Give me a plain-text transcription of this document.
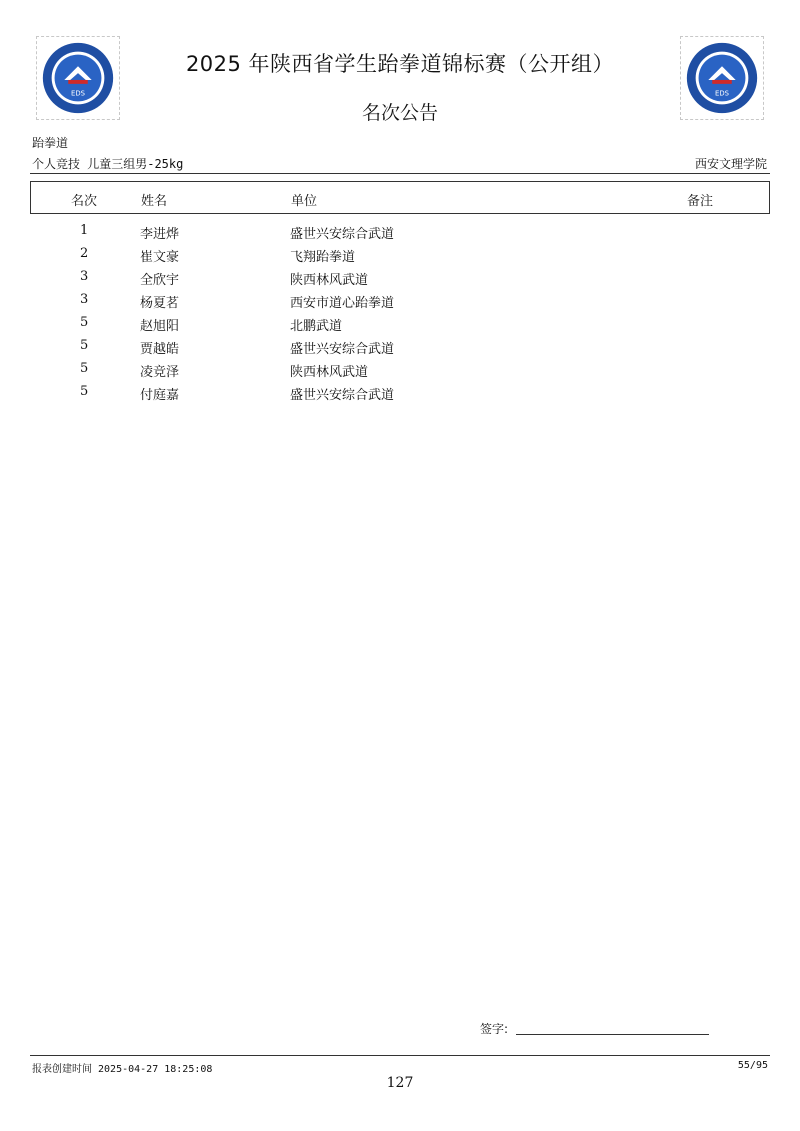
EDS	EDS
2025 年陕西省学生跆拳道锦标赛（公开组）
名次公告
跆拳道
个人竞技 儿童三组男-25kg	西安文理学院
名次	姓名	单位	备注
1	李进烨	盛世兴安综合武道
2	崔文豪	飞翔跆拳道
3	全欣宇	陕西林风武道
3	杨夏茗	西安市道心跆拳道
5	赵旭阳	北鹏武道
5	贾越皓	盛世兴安综合武道
5	凌竞泽	陕西林风武道
5	付庭嘉	盛世兴安综合武道
签字:
报表创建时间 2025-04-27 18:25:08	55/95
127
